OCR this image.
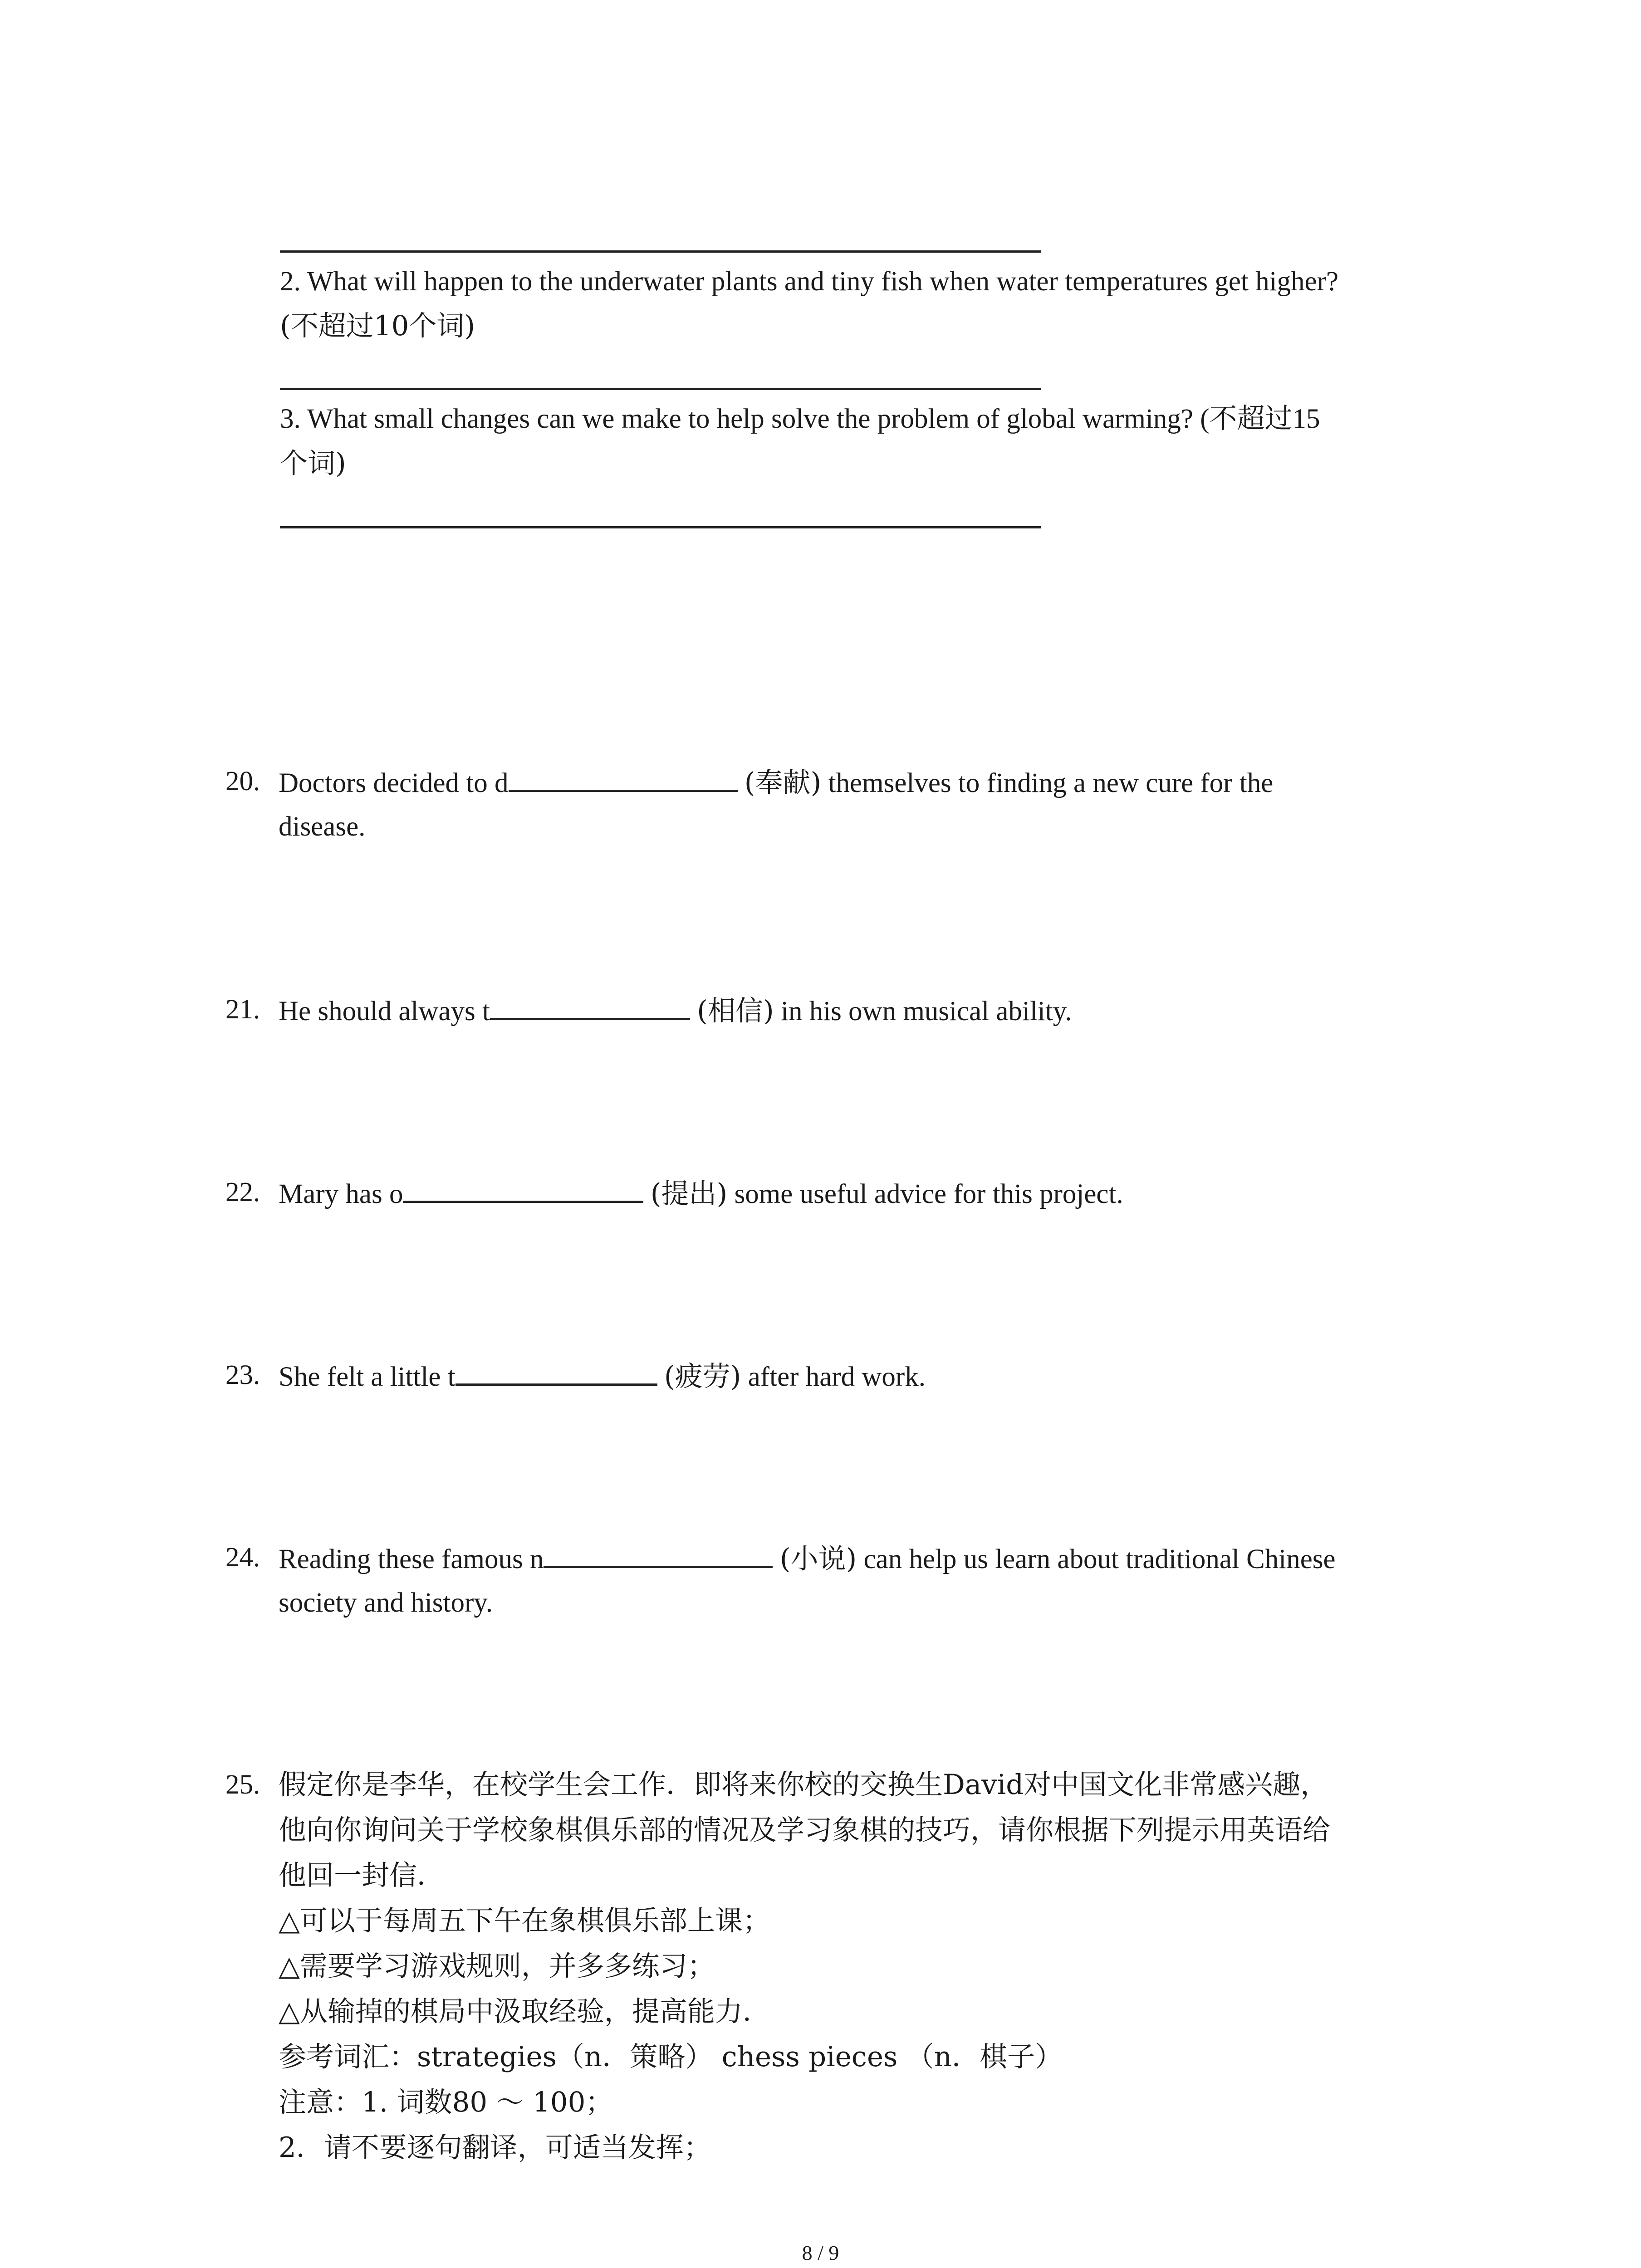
2. What will happen to the underwater plants and tiny fish when water temperatures get higher?
(不超过10个词)
3. What small changes can we make to help solve the problem of global warming? (不超过15
个词)
20. Doctors decided to d	(奉献) themselves to finding a new cure for the
disease.
21. He should always t	(相信) in his own musical ability.
22. Mary has o	(提出) some useful advice for this project.
23. She felt a little t	(疲劳) after hard work.
24. Reading these famous n	(小说) can help us learn about traditional Chinese
society and history.
25. 假定你是李华，在校学生会工作．即将来你校的交换生David对中国文化非常感兴趣，
他向你询问关于学校象棋俱乐部的情况及学习象棋的技巧，请你根据下列提示用英语给
他回一封信．
△可以于每周五下午在象棋俱乐部上课；
△需要学习游戏规则，并多多练习；
△从输掉的棋局中汲取经验，提高能力．
参考词汇：strategies（n．策略） chess pieces （n．棋子）
注意：1. 词数80 ～ 100；
2．请不要逐句翻译，可适当发挥；
8 / 9
